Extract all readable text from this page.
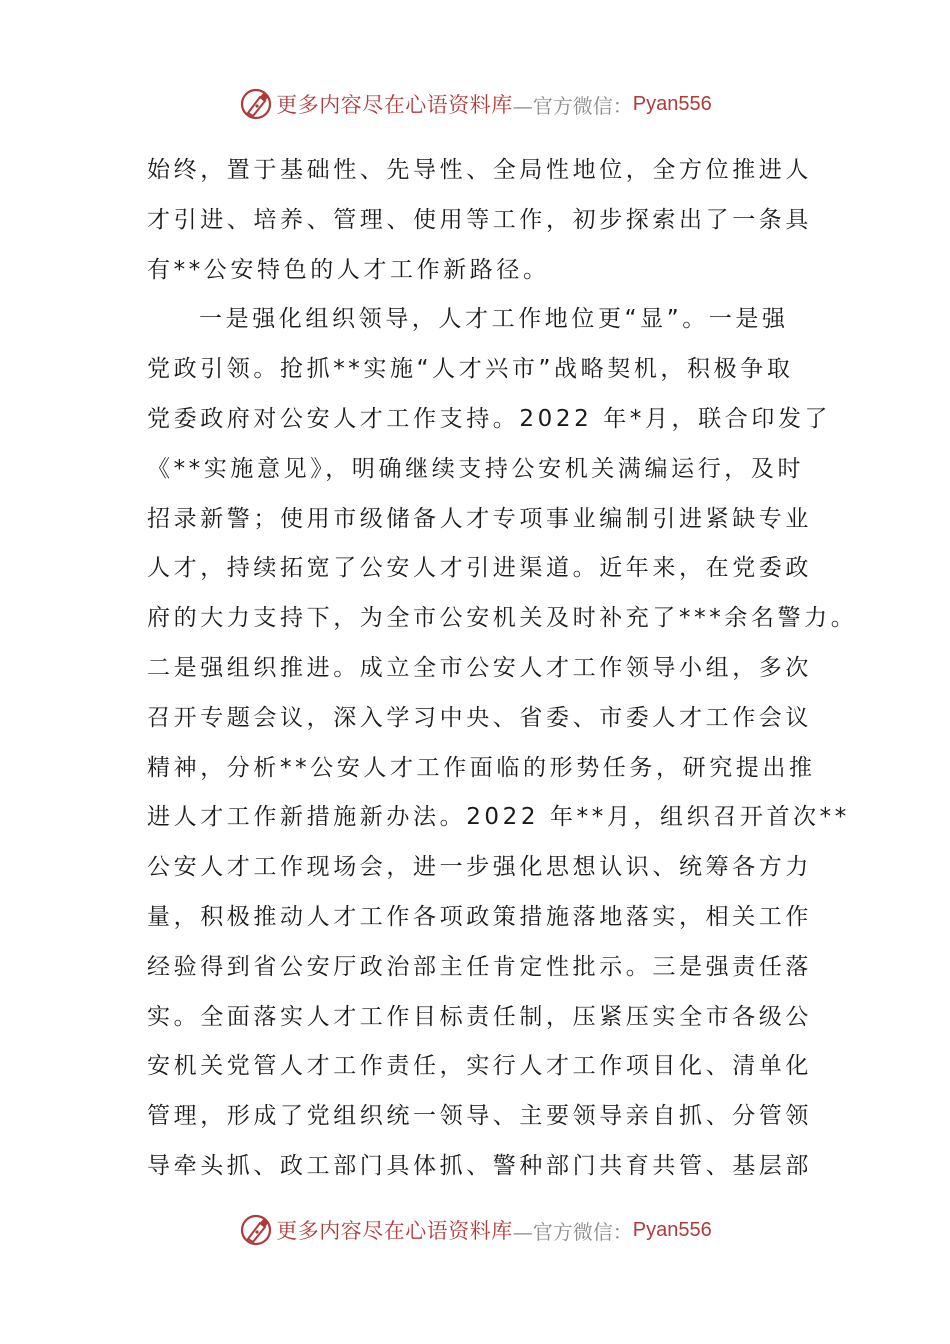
更多内容尽在心语资料库 —官方微信： Pyan556
始终，置于基础性、先导性、全局性地位，全方位推进人
才引进、培养、管理、使用等工作，初步探索出了一条具
有**公安特色的人才工作新路径。
一是强化组织领导，人才工作地位更“显”。一是强
党政引领。抢抓**实施“人才兴市”战略契机，积极争取
党委政府对公安人才工作支持。2022 年*月，联合印发了
《**实施意见》，明确继续支持公安机关满编运行，及时
招录新警；使用市级储备人才专项事业编制引进紧缺专业
人才，持续拓宽了公安人才引进渠道。近年来，在党委政
府的大力支持下，为全市公安机关及时补充了***余名警力。
二是强组织推进。成立全市公安人才工作领导小组，多次
召开专题会议，深入学习中央、省委、市委人才工作会议
精神，分析**公安人才工作面临的形势任务，研究提出推
进人才工作新措施新办法。2022 年**月，组织召开首次**
公安人才工作现场会，进一步强化思想认识、统筹各方力
量，积极推动人才工作各项政策措施落地落实，相关工作
经验得到省公安厅政治部主任肯定性批示。三是强责任落
实。全面落实人才工作目标责任制，压紧压实全市各级公
安机关党管人才工作责任，实行人才工作项目化、清单化
管理，形成了党组织统一领导、主要领导亲自抓、分管领
导牵头抓、政工部门具体抓、警种部门共育共管、基层部
更多内容尽在心语资料库 —官方微信： Pyan556
